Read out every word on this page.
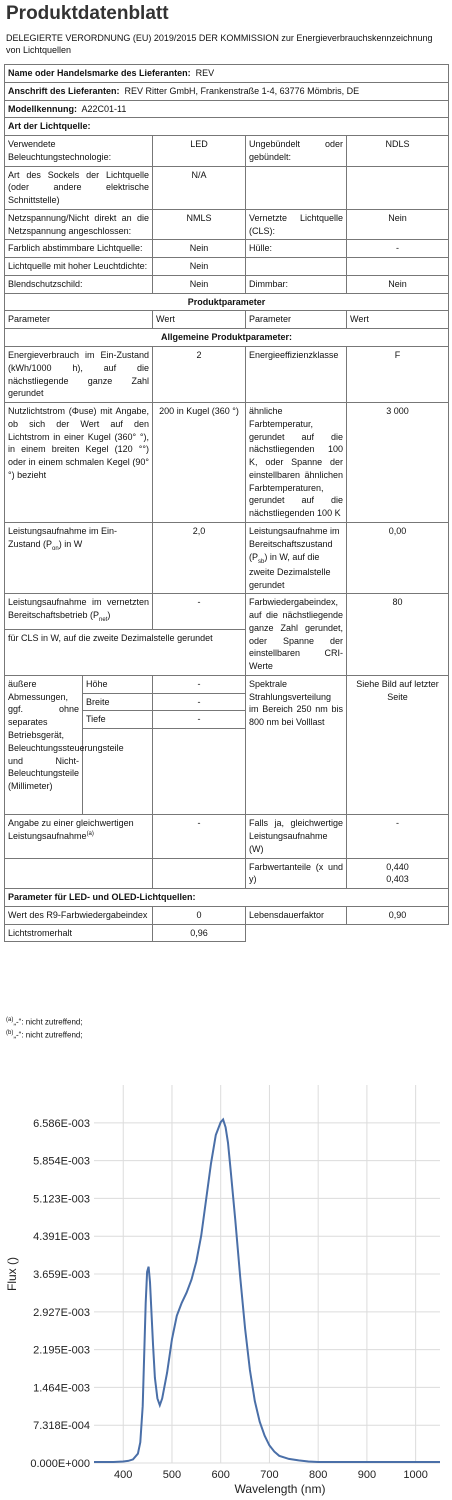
Produktdatenblatt
DELEGIERTE VERORDNUNG (EU) 2019/2015 DER KOMMISSION zur Energieverbrauchskennzeichnung von Lichtquellen
Name oder Handelsmarke des Lieferanten: REV				
Anschrift des Lieferanten: REV Ritter GmbH, Frankenstraße 1-4, 63776 Mömbris, DE				
Modellkennung: A22C01-11				
Art der Lichtquelle:				
Verwendete Beleuchtungstechnologie:		LED	Ungebündelt oder gebündelt:	NDLS
Art des Sockels der Lichtquelle (oder andere elektrische Schnittstelle)		N/A		
Netzspannung/Nicht direkt an die Netzspannung angeschlossen:		NMLS	Vernetzte Lichtquelle (CLS):	Nein
Farblich abstimmbare Lichtquelle:		Nein	Hülle:	-
Lichtquelle mit hoher Leuchtdichte:		Nein		
Blendschutzschild:		Nein	Dimmbar:	Nein
Produktparameter				
Parameter		Wert	Parameter	Wert
Allgemeine Produktparameter:				
Energieverbrauch im Ein-Zustand (kWh/1000 h), auf die nächstliegende ganze Zahl gerundet		2	Energieeffizienzklasse	F
Nutzlichtstrom (Φuse) mit Angabe, ob sich der Wert auf den Lichtstrom in einer Kugel (360° °), in einem breiten Kegel (120 °°) oder in einem schmalen Kegel (90° °) bezieht		200 in Kugel (360 °)	ähnliche Farbtemperatur, gerundet auf die nächstliegenden 100 K, oder Spanne der einstellbaren ähnlichen Farbtemperaturen, gerundet auf die nächstliegenden 100 K	3 000
Leistungsaufnahme im Ein-Zustand $(P_{on})$ in W		2,0	Leistungsaufnahme im Bereitschaftszustand $(P_{sb})$ in W, auf die zweite Dezimalstelle gerundet	0,00
Leistungsaufnahme im vernetzten Bereitschaftsbetrieb $(P_{net})$		-	Farbwiedergabeindex, auf die nächstliegende ganze Zahl gerundet, oder Spanne der einstellbaren CRI-Werte	80
für CLS in W, auf die zweite Dezimalstelle gerundet				
äußere Abmessungen, ggf. ohne separates Betriebsgerät, Beleuchtungssteuerungsteile und Nicht-Beleuchtungsteile (Millimeter)	Höhe	-	Spektrale Strahlungsverteilung im Bereich 250 nm bis 800 nm bei Volllast	Siehe Bild auf letzter Seite
	Breite	-		
	Tiefe	-		

Angabe zu einer gleichwertigen Leistungsaufnahme$^{(a)}$		-	Falls ja, gleichwertige Leistungsaufnahme (W)	-
			Farbwertanteile (x und y)	0,440
0,403
Parameter für LED- und OLED-Lichtquellen:				
Wert des R9-Farbwiedergabeindex		0	Lebensdauerfaktor	0,90
Lichtstromerhalt		0,96		
$^{(a)}$„-“: nicht zutreffend;
$^{(b)}$„-“: nicht zutreffend;
0.000E+000
7.318E-004
1.464E-003
2.195E-003
2.927E-003
3.659E-003
4.391E-003
5.123E-003
5.854E-003
6.586E-003
400	500	600	700	800	900 1000
Flux ()
Wavelength (nm)
